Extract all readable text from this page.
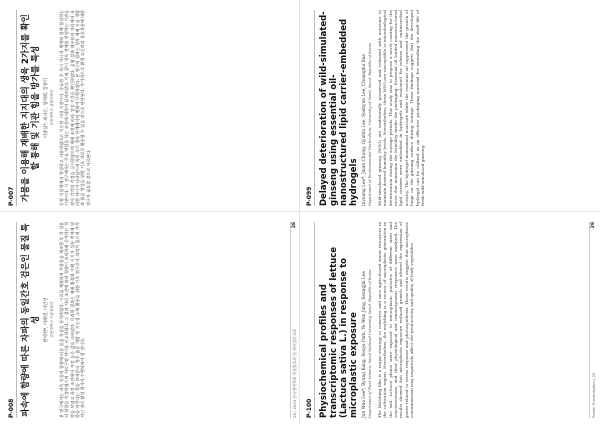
P-007 가뭄을 이용해 재배한 지지대의 생육 2가지를 확인할 통해 및 기관 힘을 방가를 특성 이종설*, 최나은, 양세희, 김종익 강원대학교 생명과학과 동양 식물체에서 형성하고 사용하였다고 기능한 시대 지연이다. 중요한 후 특이 아니라 체계와 함께 합성하는 기관이다. 이 연구에서는 주요 역할을 하는 조건에 대하여 살펴보았다. 이와 같이 생육 전체를 반영하는 기관을 찾아 각각의 측정을 실시하였으며 재배 조건에 따라 성장 기간을 확인하였다. 실험 결과 대부분의 처리에서 유의한 차이가 나타났으며 특히 초기 생육 단계에서의 변화가 뚜렷하였다. 본 연구의 결과는 향후 재배 기술 개발과 품질 향상을 위한 기초 자료로 활용될 수 있을 것으로 판단된다. 추가적으로 환경 요인과의 상호작용에 대한 연구가 필요할 것으로 사료된다.

P-008 파속에 함량에 따른 자파의 동일간호 검은인 물질 특성 한세현*, 이혜민, 이인선 강원대학교 식물생명과 본 연구에서는 파속 식물의 함량에 따른 물질 특성을 분석하였다. 시료를 채취하여 추출물을 제조한 후 각 성분의 함량을 측정하였으며 처리구별 차이를 비교하였다. 그 결과 처리 조건에 따라 함량이 유의하게 증가하는 경향을 보였고 특정 조건에서 가장 높은 값을 나타냈다. 이러한 결과는 재배 환경과 수확 시기가 성분 축적에 영향을 미친다는 것을 보여준다. 향후 품종 개발 및 기능성 소재 활용을 위한 기초 연구로서 의의가 있으며 추가적인 생리 활성 평가가 수행되어야 할 것이다.	28 | 2023 한국원예학회 학술발표회 및 제사업보고회
28
P-099 Delayed deterioration of wild-simulated-ginseng using essential oil-nanostructured lipid carrier-embedded hydrogels Inyoung Lee*, Jinah Chung, Gyubin Lee, Soohyun Lee, Chuangho Bae Department of Environmental Horticulture, University of Seoul, Seoul, Republic of Korea Wild-simulated ginseng (WSG) are traditionally preserved and released with moisture to maintain desired humidity levels. Nevertheless, these WSG are susceptible to microbiological deterioration during the storage periods. This study was to propose a novel coating for the roots that maintains the humidity inside the packaging. Essential oil loaded nanostructured lipid carriers were embedded in hydrogels and evaluated for release and antimicrobial activity. The hydrogel maintained moisture while the essential oil suppressed the growth of fungi on the ginseng surface during storage. These findings suggest that the developed hydrogel can be utilized as an effective packaging material for extending the shelf life of fresh wild-simulated ginseng.

P-100 Physiochemical profiles and transcriptomic responses of lettuce (Lactuca sativa L.) in response to microplastic exposure Jun Woo Lee*, Byung Kang, Seoyo Park, Ye Won Jung, Seungjin Lee Department of Plant Science, Seoul National University, Seoul, Republic of Korea The Mulching film is a major strategy to conserve and save agricultural water resources in the cultivation region. Nevertheless, the mulching is a source of microplastic generation in the soil. Lettuce plants were exposed to microplastic particles of different sizes and concentrations, and their physiological and transcriptomic responses were analyzed. The results showed that microplastic exposure reduced growth and altered the expression of genes related to stress response and photosynthesis. These results suggest that microplastic contamination may negatively affect the productivity and quality of leafy vegetables.	Poster Presentation | 29
29
